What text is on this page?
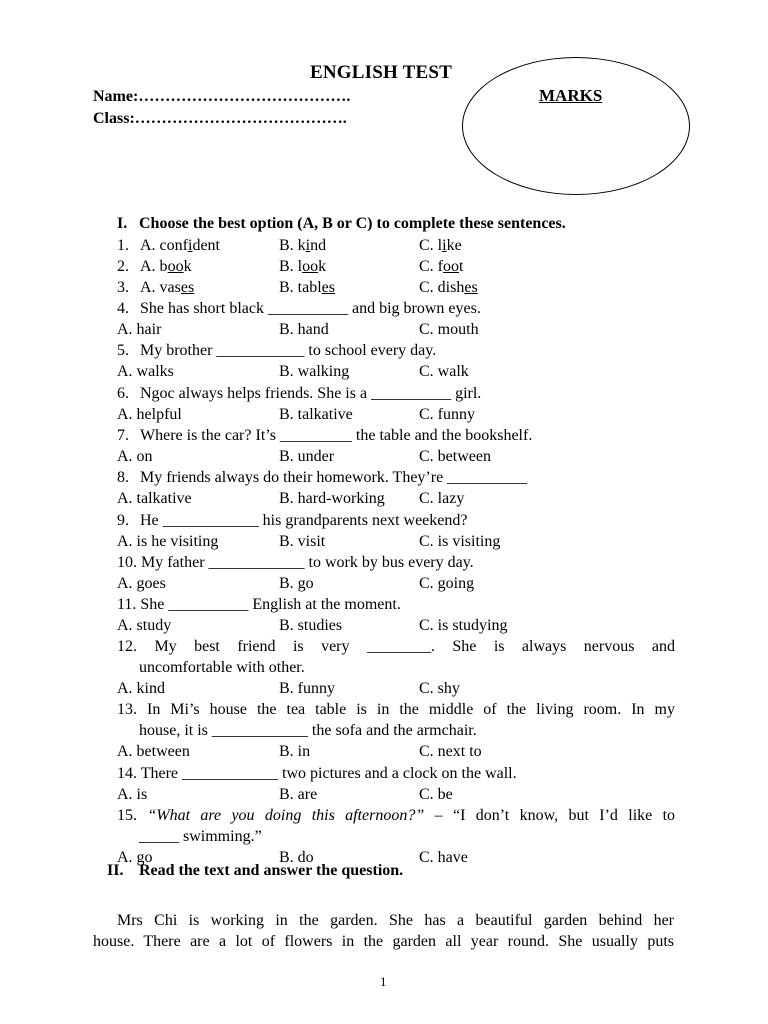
ENGLISH TEST
Name:………………………………….
Class:………………………………….
MARKS
I. Choose the best option (A, B or C) to complete these sentences.
1. A. confident	B. kind	C. like
2. A. book	B. look	C. foot
3. A. vases	B. tables	C. dishes
4. She has short black __________ and big brown eyes.
A. hair	B. hand	C. mouth
5. My brother ___________ to school every day.
A. walks	B. walking	C. walk
6. Ngoc always helps friends. She is a __________ girl.
A. helpful	B. talkative	C. funny
7. Where is the car? It’s _________ the table and the bookshelf.
A. on	B. under	C. between
8. My friends always do their homework. They’re __________
A. talkative	B. hard-working C. lazy
9. He ____________ his grandparents next weekend?
A. is he visiting	B. visit	C. is visiting
10. My father ____________ to work by bus every day.
A. goes	B. go	C. going
11. She __________ English at the moment.
A. study	B. studies	C. is studying
12. My best friend is very ________. She is always nervous and
uncomfortable with other.
A. kind	B. funny	C. shy
13. In Mi’s house the tea table is in the middle of the living room. In my
house, it is ____________ the sofa and the armchair.
A. between	B. in	C. next to
14. There ____________ two pictures and a clock on the wall.
A. is	B. are	C. be
15. “What are you doing this afternoon?” – “I don’t know, but I’d like to
_____ swimming.”
A. go	B. do	C. have
II. Read the text and answer the question.
Mrs Chi is working in the garden. She has a beautiful garden behind her
house. There are a lot of flowers in the garden all year round. She usually puts
1
